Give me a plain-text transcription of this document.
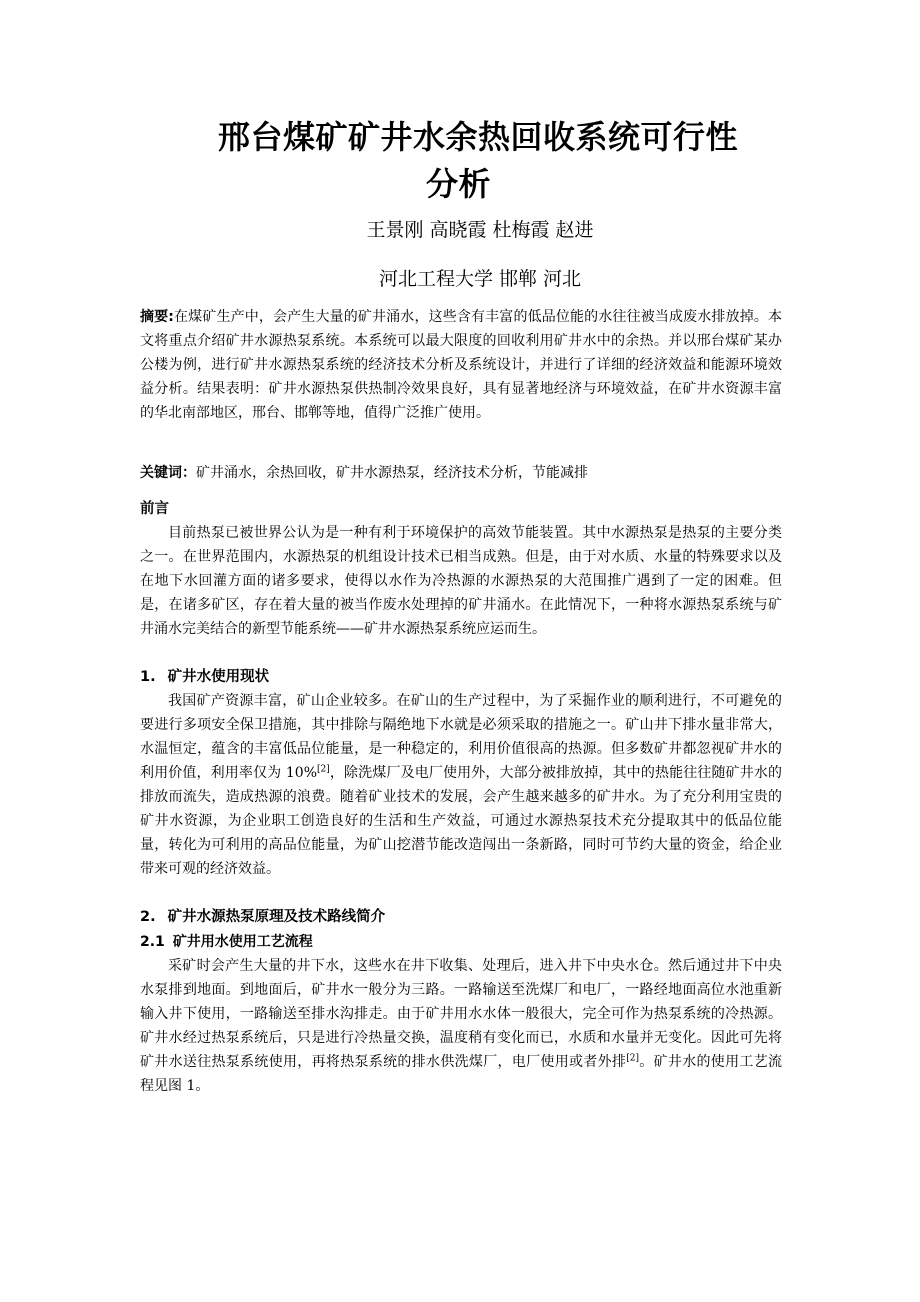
邢台煤矿矿井水余热回收系统可行性
分析
王景刚 高晓霞 杜梅霞 赵进
河北工程大学 邯郸 河北

摘要:在煤矿生产中，会产生大量的矿井涌水，这些含有丰富的低品位能的水往往被当成废水排放掉。本文将重点介绍矿井水源热泵系统。本系统可以最大限度的回收利用矿井水中的余热。并以邢台煤矿某办公楼为例，进行矿井水源热泵系统的经济技术分析及系统设计，并进行了详细的经济效益和能源环境效益分析。结果表明：矿井水源热泵供热制冷效果良好，具有显著地经济与环境效益，在矿井水资源丰富的华北南部地区，邢台、邯郸等地，值得广泛推广使用。

关键词：矿井涌水，余热回收，矿井水源热泵，经济技术分析，节能减排

前言

目前热泵已被世界公认为是一种有利于环境保护的高效节能装置。其中水源热泵是热泵的主要分类之一。在世界范围内，水源热泵的机组设计技术已相当成熟。但是，由于对水质、水量的特殊要求以及在地下水回灌方面的诸多要求，使得以水作为冷热源的水源热泵的大范围推广遇到了一定的困难。但是，在诸多矿区，存在着大量的被当作废水处理掉的矿井涌水。在此情况下，一种将水源热泵系统与矿井涌水完美结合的新型节能系统——矿井水源热泵系统应运而生。

1. 矿井水使用现状

我国矿产资源丰富，矿山企业较多。在矿山的生产过程中，为了采掘作业的顺利进行，不可避免的要进行多项安全保卫措施，其中排除与隔绝地下水就是必须采取的措施之一。矿山井下排水量非常大，水温恒定，蕴含的丰富低品位能量，是一种稳定的，利用价值很高的热源。但多数矿井都忽视矿井水的利用价值，利用率仅为 10%[2]，除洗煤厂及电厂使用外，大部分被排放掉，其中的热能往往随矿井水的排放而流失，造成热源的浪费。随着矿业技术的发展，会产生越来越多的矿井水。为了充分利用宝贵的矿井水资源，为企业职工创造良好的生活和生产效益，可通过水源热泵技术充分提取其中的低品位能量，转化为可利用的高品位能量，为矿山挖潜节能改造闯出一条新路，同时可节约大量的资金，给企业带来可观的经济效益。

2. 矿井水源热泵原理及技术路线简介
2.1 矿井用水使用工艺流程

采矿时会产生大量的井下水，这些水在井下收集、处理后，进入井下中央水仓。然后通过井下中央水泵排到地面。到地面后，矿井水一般分为三路。一路输送至洗煤厂和电厂，一路经地面高位水池重新输入井下使用，一路输送至排水沟排走。由于矿井用水水体一般很大，完全可作为热泵系统的冷热源。矿井水经过热泵系统后，只是进行冷热量交换，温度稍有变化而已，水质和水量并无变化。因此可先将矿井水送往热泵系统使用，再将热泵系统的排水供洗煤厂，电厂使用或者外排[2]。矿井水的使用工艺流程见图 1。
